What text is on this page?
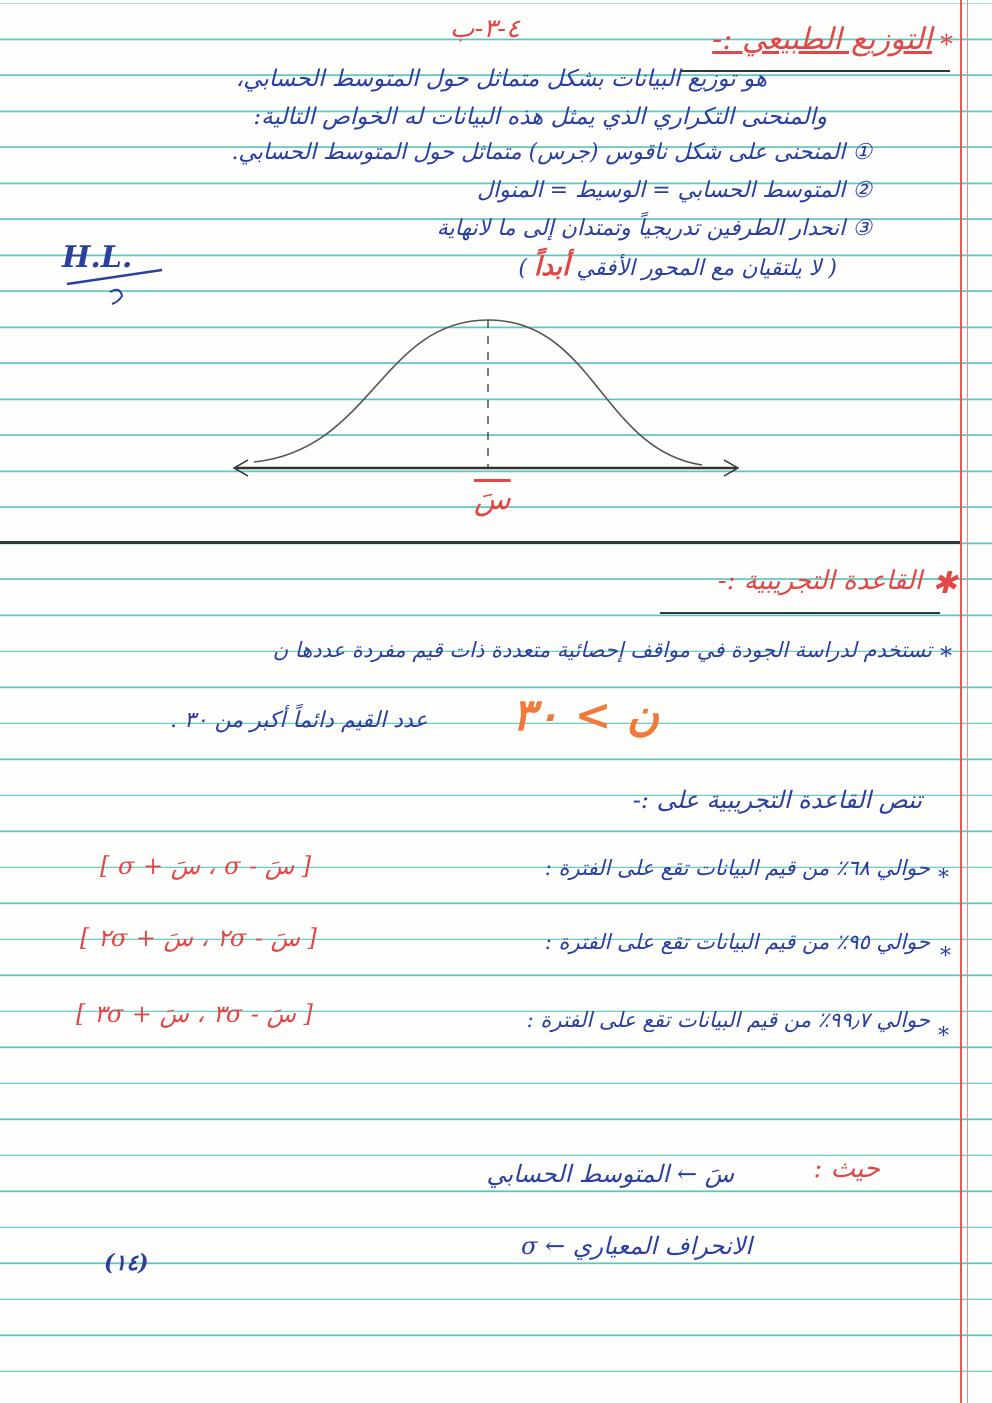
*
التوزيع الطبيعي :-
٤-٣-ب
هو توزيع البيانات بشكل متماثل حول المتوسط الحسابي،
والمنحنى التكراري الذي يمثل هذه البيانات له الخواص التالية:
① المنحنى على شكل ناقوس (جرس) متماثل حول المتوسط الحسابي.
② المتوسط الحسابي = الوسيط = المنوال
③ انحدار الطرفين تدريجياً وتمتدان إلى ما لانهاية
( لا يلتقيان مع المحور الأفقي أبداً )
H.L.
سَ
✱
القاعدة التجريبية :-
*
تستخدم لدراسة الجودة في مواقف إحصائية متعددة ذات قيم مفردة عددها ن
ن > ٣٠
عدد القيم دائماً أكبر من ٣٠ .
تنص القاعدة التجريبية على :-
*
حوالي ٦٨٪ من قيم البيانات تقع على الفترة :
[ سَ - σ ، سَ + σ ]
*
حوالي ٩٥٪ من قيم البيانات تقع على الفترة :
[ سَ - ٢σ ، سَ + ٢σ ]
*
حوالي ٩٩٫٧٪ من قيم البيانات تقع على الفترة :
[ سَ - ٣σ ، سَ + ٣σ ]
حيث :
سَ ← المتوسط الحسابي
σ ← الانحراف المعياري
(١٤)
